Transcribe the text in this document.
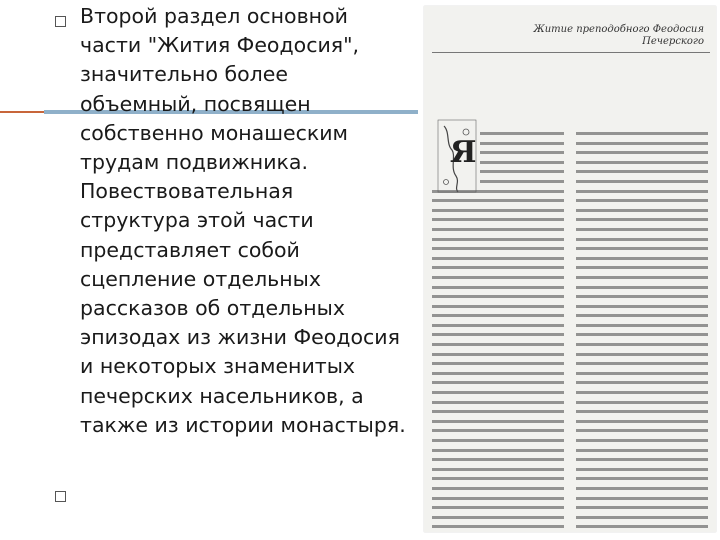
Второй раздел основной части "Жития Феодосия", значительно более объемный, посвящен собственно монашеским трудам подвижника. Повествовательная структура этой части представляет собой сцепление отдельных рассказов об отдельных эпизодах из жизни Феодосия и некоторых знаменитых печерских насельников, а также из истории монастыря.

Житие преподобного Феодосия Печерского
Я
